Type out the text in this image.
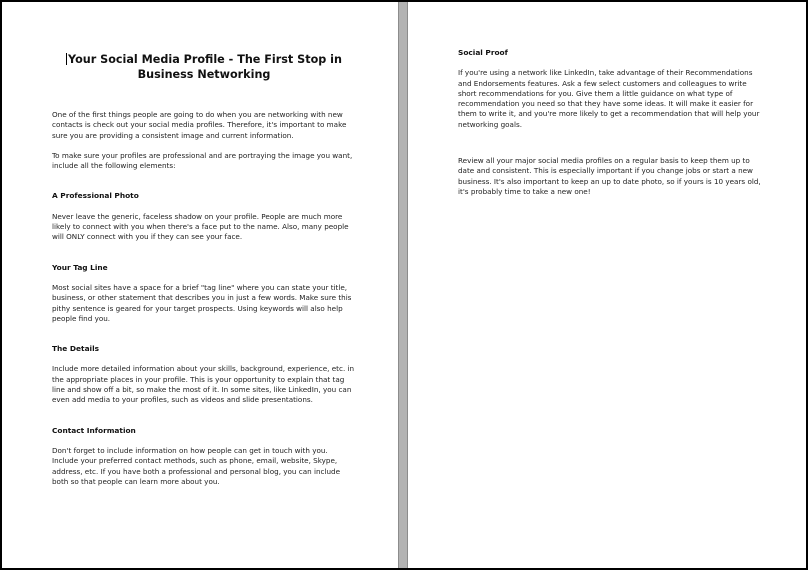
Your Social Media Profile - The First Stop in Business Networking

One of the first things people are going to do when you are networking with new contacts is check out your social media profiles. Therefore, it's important to make sure you are providing a consistent image and current information.

To make sure your profiles are professional and are portraying the image you want, include all the following elements:

A Professional Photo

Never leave the generic, faceless shadow on your profile. People are much more likely to connect with you when there's a face put to the name. Also, many people will ONLY connect with you if they can see your face.

Your Tag Line

Most social sites have a space for a brief "tag line" where you can state your title, business, or other statement that describes you in just a few words. Make sure this pithy sentence is geared for your target prospects. Using keywords will also help people find you.

The Details

Include more detailed information about your skills, background, experience, etc. in the appropriate places in your profile. This is your opportunity to explain that tag line and show off a bit, so make the most of it. In some sites, like LinkedIn, you can even add media to your profiles, such as videos and slide presentations.

Contact Information

Don't forget to include information on how people can get in touch with you. Include your preferred contact methods, such as phone, email, website, Skype, address, etc. If you have both a professional and personal blog, you can include both so that people can learn more about you.

Social Proof

If you're using a network like LinkedIn, take advantage of their Recommendations and Endorsements features. Ask a few select customers and colleagues to write short recommendations for you. Give them a little guidance on what type of recommendation you need so that they have some ideas. It will make it easier for them to write it, and you're more likely to get a recommendation that will help your networking goals.

Review all your major social media profiles on a regular basis to keep them up to date and consistent. This is especially important if you change jobs or start a new business. It's also important to keep an up to date photo, so if yours is 10 years old, it's probably time to take a new one!
